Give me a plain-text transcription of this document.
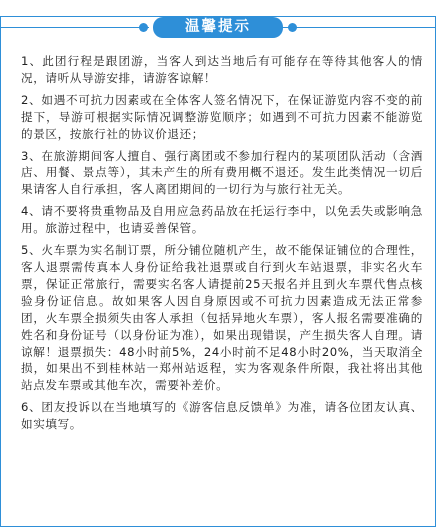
温馨提示

1、此团行程是跟团游，当客人到达当地后有可能存在等待其他客人的情况，请听从导游安排，请游客谅解！

2、如遇不可抗力因素或在全体客人签名情况下，在保证游览内容不变的前提下，导游可根据实际情况调整游览顺序；如遇到不可抗力因素不能游览的景区，按旅行社的协议价退还；

3、在旅游期间客人擅自、强行离团或不参加行程内的某项团队活动（含酒店、用餐、景点等），其未产生的所有费用概不退还。发生此类情况一切后果请客人自行承担，客人离团期间的一切行为与旅行社无关。

4、请不要将贵重物品及自用应急药品放在托运行李中，以免丢失或影响急用。旅游过程中，也请妥善保管。

5、火车票为实名制订票，所分铺位随机产生，故不能保证铺位的合理性，客人退票需传真本人身份证给我社退票或自行到火车站退票，非实名火车票，保证正常旅行，需要实名客人请提前25天报名并且到火车票代售点核验身份证信息。故如果客人因自身原因或不可抗力因素造成无法正常参团，火车票全损须失由客人承担（包括异地火车票），客人报名需要准确的姓名和身份证号（以身份证为准），如果出现错误，产生损失客人自理。请谅解！退票损失：48小时前5%，24小时前不足48小时20%，当天取消全损，如果出不到桂林站一郑州站返程，实为客观条件所限，我社将出其他站点发车票或其他车次，需要补差价。

6、团友投诉以在当地填写的《游客信息反馈单》为准，请各位团友认真、如实填写。
